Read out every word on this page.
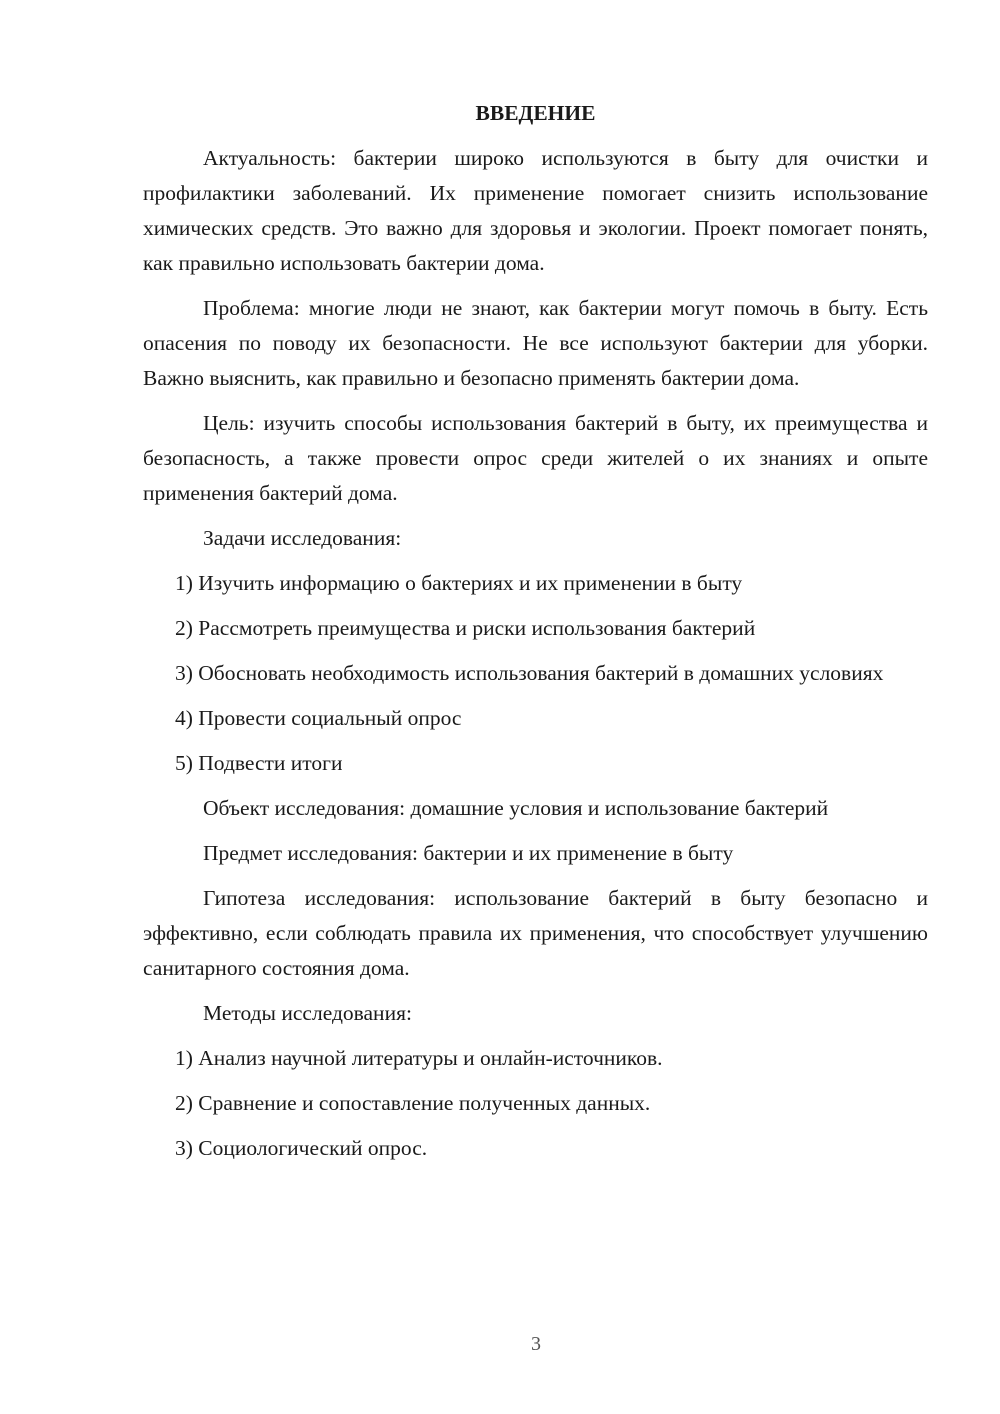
ВВЕДЕНИЕ

Актуальность: бактерии широко используются в быту для очистки и профилактики заболеваний. Их применение помогает снизить использование химических средств. Это важно для здоровья и экологии. Проект помогает понять, как правильно использовать бактерии дома.

Проблема: многие люди не знают, как бактерии могут помочь в быту. Есть опасения по поводу их безопасности. Не все используют бактерии для уборки. Важно выяснить, как правильно и безопасно применять бактерии дома.

Цель: изучить способы использования бактерий в быту, их преимущества и безопасность, а также провести опрос среди жителей о их знаниях и опыте применения бактерий дома.

Задачи исследования:

1) Изучить информацию о бактериях и их применении в быту

2) Рассмотреть преимущества и риски использования бактерий

3) Обосновать необходимость использования бактерий в домашних условиях

4) Провести социальный опрос

5) Подвести итоги

Объект исследования: домашние условия и использование бактерий

Предмет исследования: бактерии и их применение в быту

Гипотеза исследования: использование бактерий в быту безопасно и эффективно, если соблюдать правила их применения, что способствует улучшению санитарного состояния дома.

Методы исследования:

1) Анализ научной литературы и онлайн-источников.

2) Сравнение и сопоставление полученных данных.

3) Социологический опрос.

3
